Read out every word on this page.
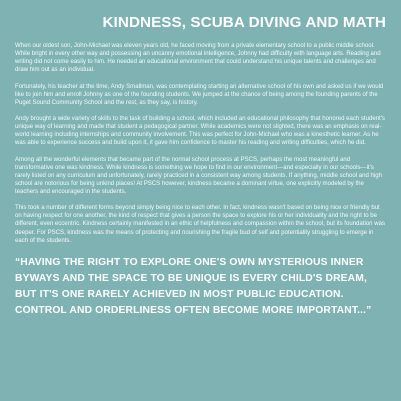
KINDNESS, SCUBA DIVING AND MATH

When our oldest son, John-Michael was eleven years old, he faced moving from a private elementary school to a public middle school. While bright in every other way and possessing an uncanny emotional intelligence, Johnny had difficulty with language arts. Reading and writing did not come easily to him. He needed an educational environment that could understand his unique talents and challenges and draw him out as an individual.

Fortunately, his teacher at the time, Andy Smallman, was contemplating starting an alternative school of his own and asked us if we would like to join him and enroll Johnny as one of the founding students. We jumped at the chance of being among the founding parents of the Puget Sound Community School and the rest, as they say, is history.

Andy brought a wide variety of skills to the task of building a school, which included an educational philosophy that honored each student's unique way of learning and made that student a pedagogical partner. While academics were not slighted, there was an emphasis on real-world learning including internships and community involvement. This was perfect for John-Michael who was a kinesthetic learner. As he was able to experience success and build upon it, it gave him confidence to master his reading and writing difficulties, which he did.

Among all the wonderful elements that became part of the normal school process at PSCS, perhaps the most meaningful and transformative one was kindness. While kindness is something we hope to find in our environment—and especially in our schools—it's rarely listed on any curriculum and unfortunately, rarely practiced in a consistent way among students. If anything, middle school and high school are notorious for being unkind places! At PSCS however, kindness became a dominant virtue, one explicitly modeled by the teachers and encouraged in the students.

This took a number of different forms beyond simply being nice to each other. In fact, kindness wasn't based on being nice or friendly but on having respect for one another, the kind of respect that gives a person the space to explore his or her individuality and the right to be different, even eccentric. Kindness certainly manifested in an ethic of helpfulness and compassion within the school, but its foundation was deeper. For PSCS, kindness was the means of protecting and nourishing the fragile bud of self and potentiality struggling to emerge in each of the students.

“HAVING THE RIGHT TO EXPLORE ONE'S OWN MYSTERIOUS INNER BYWAYS AND THE SPACE TO BE UNIQUE IS EVERY CHILD'S DREAM, BUT IT'S ONE RARELY ACHIEVED IN MOST PUBLIC EDUCATION. CONTROL AND ORDERLINESS OFTEN BECOME MORE IMPORTANT...”
